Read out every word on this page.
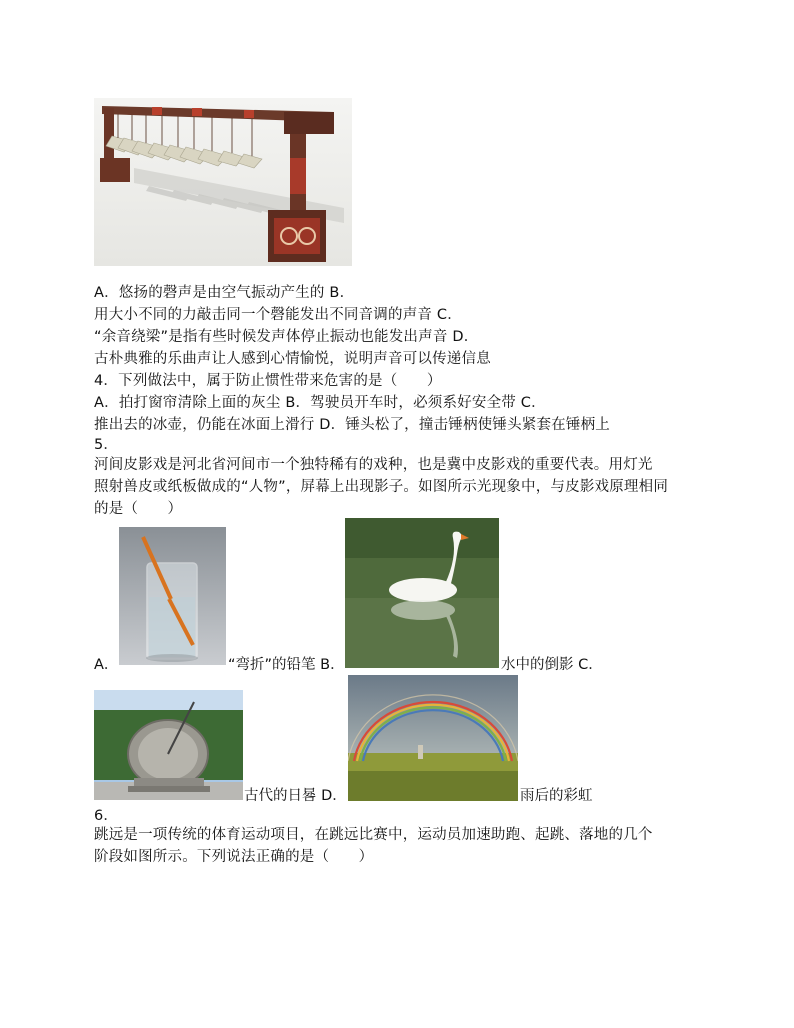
A．悠扬的磬声是由空气振动产生的 B．
用大小不同的力敲击同一个磬能发出不同音调的声音 C．
“余音绕梁”是指有些时候发声体停止振动也能发出声音 D．
古朴典雅的乐曲声让人感到心情愉悦，说明声音可以传递信息
4．下列做法中，属于防止惯性带来危害的是（　　）
A．拍打窗帘清除上面的灰尘 B．驾驶员开车时，必须系好安全带 C．
推出去的冰壶，仍能在冰面上滑行 D．锤头松了，撞击锤柄使锤头紧套在锤柄上
5．
河间皮影戏是河北省河间市一个独特稀有的戏种，也是冀中皮影戏的重要代表。用灯光
照射兽皮或纸板做成的“人物”，屏幕上出现影子。如图所示光现象中，与皮影戏原理相同
的是（　　）
A．	“弯折”的铅笔 B．	水中的倒影 C．
古代的日晷 D．	雨后的彩虹
6．
跳远是一项传统的体育运动项目，在跳远比赛中，运动员加速助跑、起跳、落地的几个
阶段如图所示。下列说法正确的是（　　）
